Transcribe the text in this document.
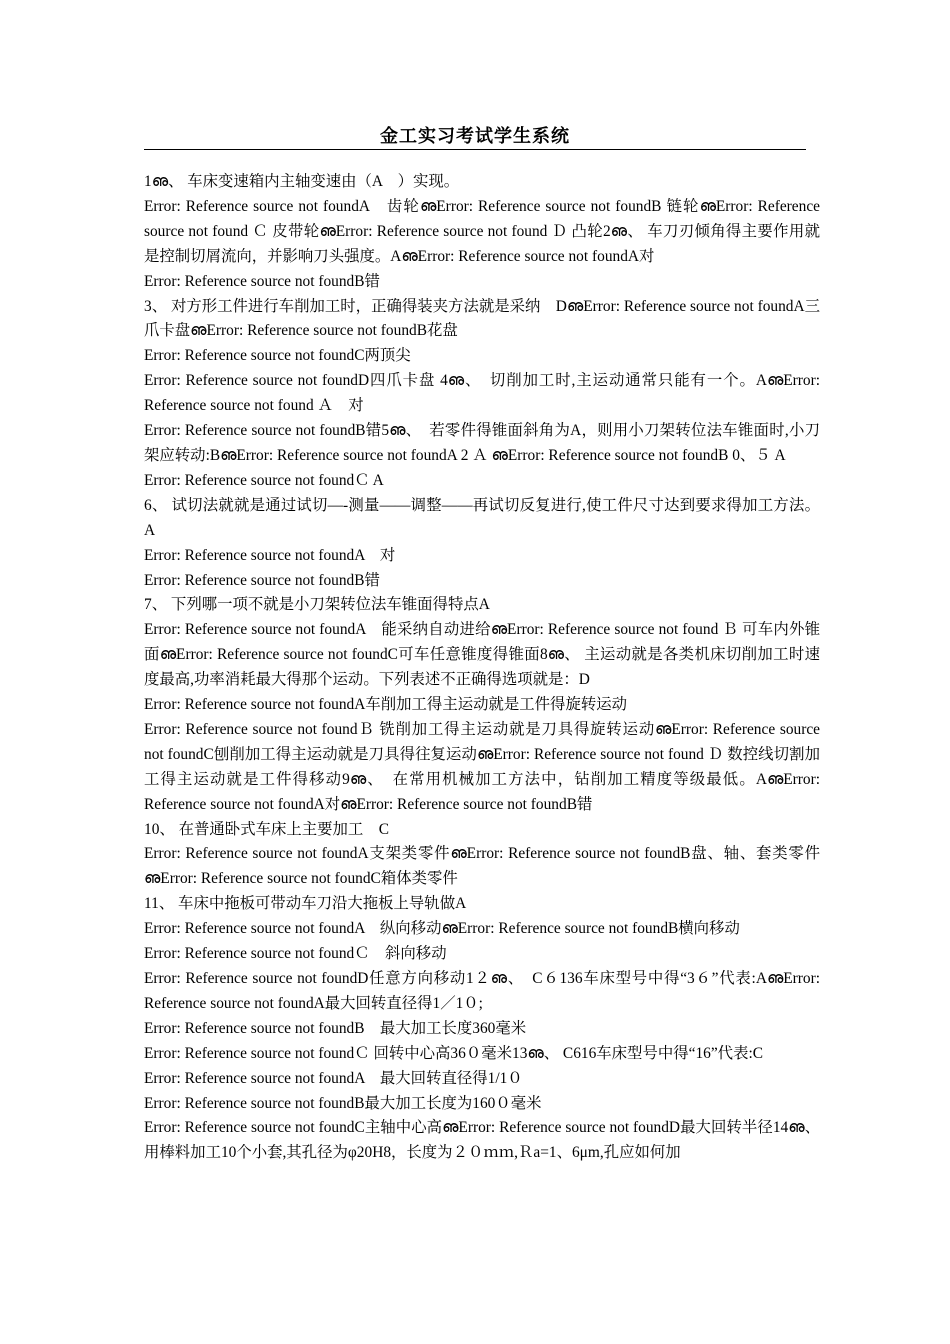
金工实习考试学生系统

1ഌ、 车床变速箱内主轴变速由（A　）实现。

Error: Reference source not foundA　齿轮ഌError: Reference source not foundB 链轮ഌError: Reference source not found Ｃ 皮带轮ഌError: Reference source not found Ｄ 凸轮2ഌ、 车刀刃倾角得主要作用就是控制切屑流向，并影响刀头强度。AഌError: Reference source not foundA对

Error: Reference source not foundB错

3、 对方形工件进行车削加工时，正确得装夹方法就是采纳　DഌError: Reference source not foundA三爪卡盘ഌError: Reference source not foundB花盘

Error: Reference source not foundC两顶尖

Error: Reference source not foundD四爪卡盘 4ഌ、　切削加工时,主运动通常只能有一个。AഌError: Reference source not found Ａ　对

Error: Reference source not foundB错5ഌ、　若零件得锥面斜角为A，则用小刀架转位法车锥面时,小刀架应转动:BഌError: Reference source not foundA 2 Ａ ഌError: Reference source not foundB 0、５ A

Error: Reference source not foundＣ A

6、 试切法就就是通过试切—-测量——调整——再试切反复进行,使工件尺寸达到要求得加工方法。A

Error: Reference source not foundA　对

Error: Reference source not foundB错

7、 下列哪一项不就是小刀架转位法车锥面得特点A

Error: Reference source not foundA　能采纳自动进给ഌError: Reference source not found Ｂ 可车内外锥面ഌError: Reference source not foundC可车任意锥度得锥面8ഌ、 主运动就是各类机床切削加工时速度最高,功率消耗最大得那个运动。下列表述不正确得选项就是：D

Error: Reference source not foundA车削加工得主运动就是工件得旋转运动

Error: Reference source not foundＢ 铣削加工得主运动就是刀具得旋转运动ഌError: Reference source not foundC刨削加工得主运动就是刀具得往复运动ഌError: Reference source not found Ｄ 数控线切割加工得主运动就是工件得移动9ഌ、　在常用机械加工方法中，钻削加工精度等级最低。AഌError: Reference source not foundA对ഌError: Reference source not foundB错

10、 在普通卧式车床上主要加工　C

Error: Reference source not foundA支架类零件ഌError: Reference source not foundB盘、轴、套类零件ഌError: Reference source not foundC箱体类零件

11、 车床中拖板可带动车刀沿大拖板上导轨做A

Error: Reference source not foundA　纵向移动ഌError: Reference source not foundB横向移动

Error: Reference source not foundＣ　斜向移动

Error: Reference source not foundD任意方向移动1２ഌ、　C６136车床型号中得“3６”代表:AഌError: Reference source not foundA最大回转直径得1／1０;

Error: Reference source not foundB　最大加工长度360毫米

Error: Reference source not foundＣ 回转中心高36０毫米13ഌ、 C616车床型号中得“16”代表:C

Error: Reference source not foundA　最大回转直径得1/1０

Error: Reference source not foundB最大加工长度为160０毫米

Error: Reference source not foundC主轴中心高ഌError: Reference source not foundD最大回转半径14ഌ、 用棒料加工10个小套,其孔径为φ20H8，长度为２０ｍｍ,Ｒa=1、6μm,孔应如何加
